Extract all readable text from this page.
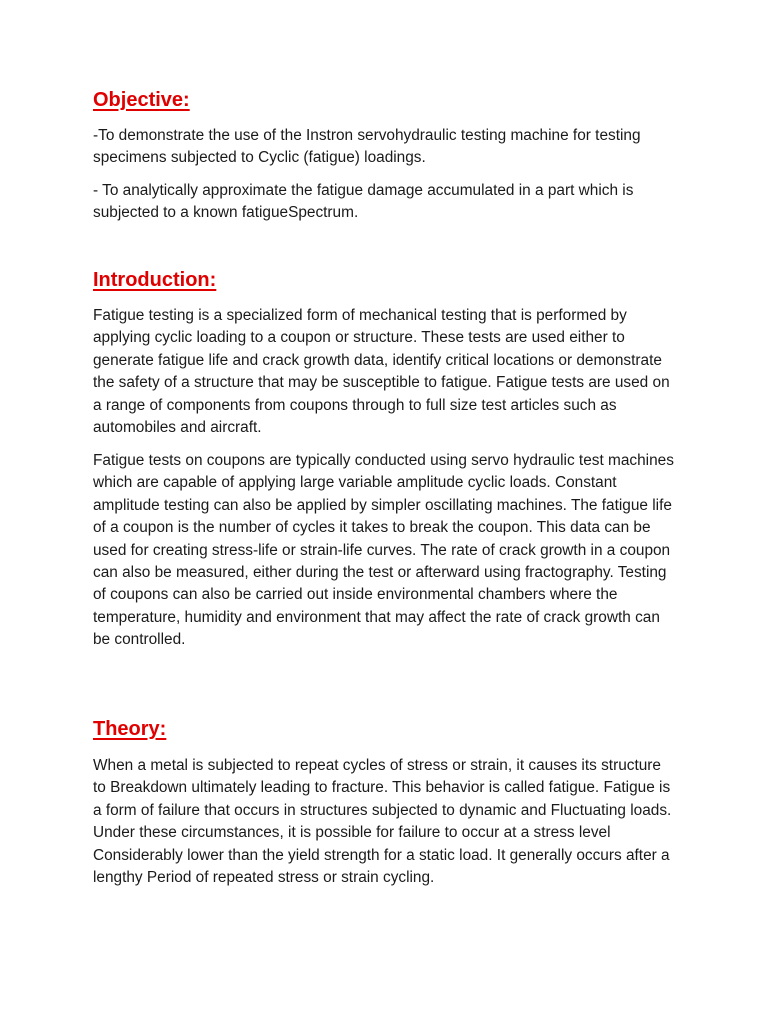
Objective:

-To demonstrate the use of the Instron servohydraulic testing machine for testing specimens subjected to Cyclic (fatigue) loadings.

- To analytically approximate the fatigue damage accumulated in a part which is subjected to a known fatigueSpectrum.

Introduction:

Fatigue testing is a specialized form of mechanical testing that is performed by applying cyclic loading to a coupon or structure. These tests are used either to generate fatigue life and crack growth data, identify critical locations or demonstrate the safety of a structure that may be susceptible to fatigue. Fatigue tests are used on a range of components from coupons through to full size test articles such as automobiles and aircraft.

Fatigue tests on coupons are typically conducted using servo hydraulic test machines which are capable of applying large variable amplitude cyclic loads. Constant amplitude testing can also be applied by simpler oscillating machines. The fatigue life of a coupon is the number of cycles it takes to break the coupon. This data can be used for creating stress-life or strain-life curves. The rate of crack growth in a coupon can also be measured, either during the test or afterward using fractography. Testing of coupons can also be carried out inside environmental chambers where the temperature, humidity and environment that may affect the rate of crack growth can be controlled.

Theory:

When a metal is subjected to repeat cycles of stress or strain, it causes its structure to Breakdown ultimately leading to fracture. This behavior is called fatigue. Fatigue is a form of failure that occurs in structures subjected to dynamic and Fluctuating loads. Under these circumstances, it is possible for failure to occur at a stress level Considerably lower than the yield strength for a static load. It generally occurs after a lengthy Period of repeated stress or strain cycling.
